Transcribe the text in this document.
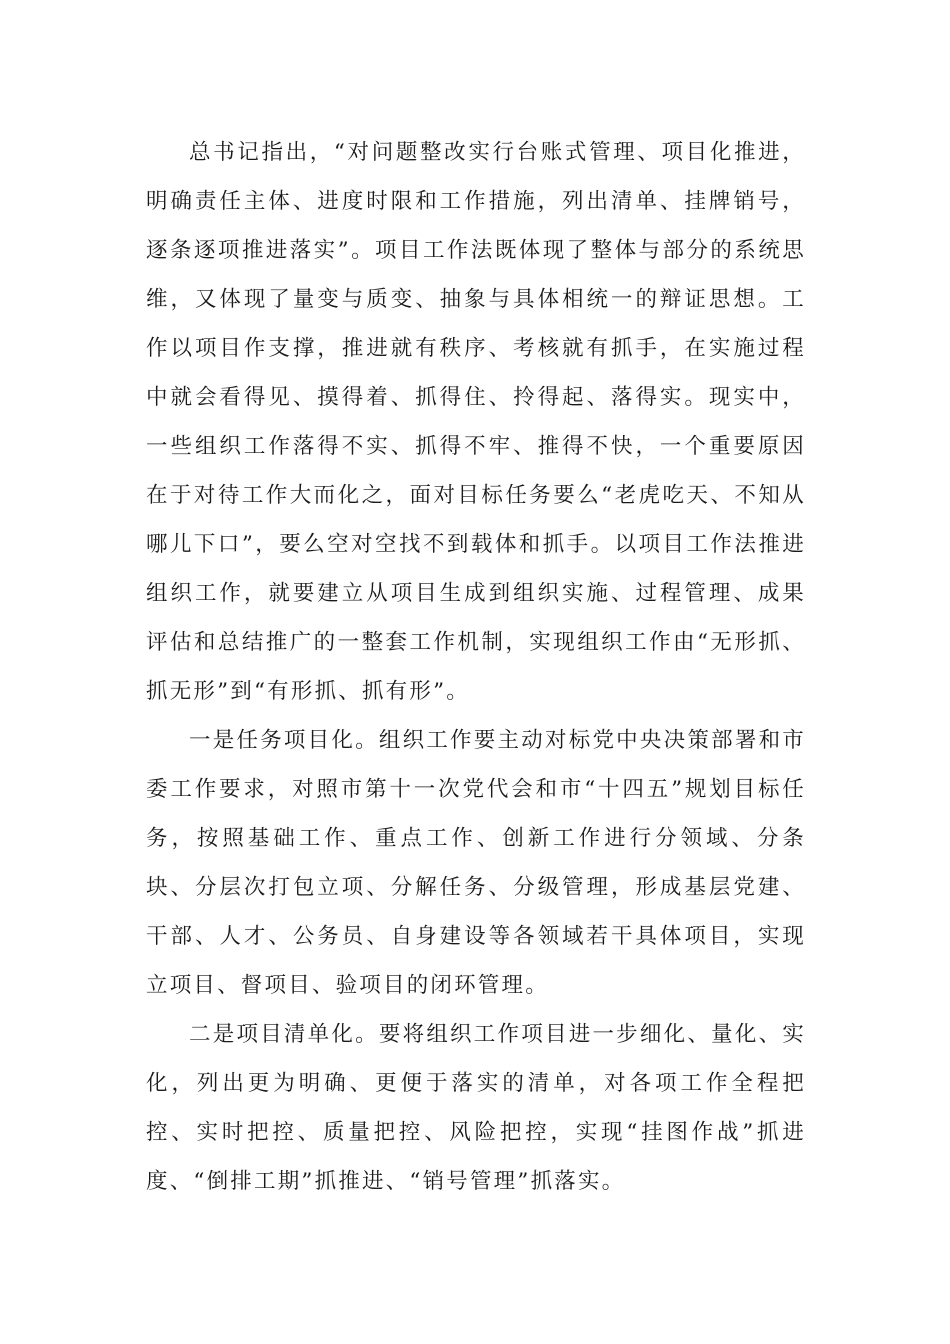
总书记指出，“对问题整改实行台账式管理、项目化推进，明确责任主体、进度时限和工作措施，列出清单、挂牌销号，逐条逐项推进落实”。项目工作法既体现了整体与部分的系统思维，又体现了量变与质变、抽象与具体相统一的辩证思想。工作以项目作支撑，推进就有秩序、考核就有抓手，在实施过程中就会看得见、摸得着、抓得住、拎得起、落得实。现实中，一些组织工作落得不实、抓得不牢、推得不快，一个重要原因在于对待工作大而化之，面对目标任务要么“老虎吃天、不知从哪儿下口”，要么空对空找不到载体和抓手。以项目工作法推进组织工作，就要建立从项目生成到组织实施、过程管理、成果评估和总结推广的一整套工作机制，实现组织工作由“无形抓、抓无形”到“有形抓、抓有形”。

一是任务项目化。组织工作要主动对标党中央决策部署和市委工作要求，对照市第十一次党代会和市“十四五”规划目标任务，按照基础工作、重点工作、创新工作进行分领域、分条块、分层次打包立项、分解任务、分级管理，形成基层党建、干部、人才、公务员、自身建设等各领域若干具体项目，实现立项目、督项目、验项目的闭环管理。

二是项目清单化。要将组织工作项目进一步细化、量化、实化，列出更为明确、更便于落实的清单，对各项工作全程把控、实时把控、质量把控、风险把控，实现“挂图作战”抓进度、“倒排工期”抓推进、“销号管理”抓落实。
